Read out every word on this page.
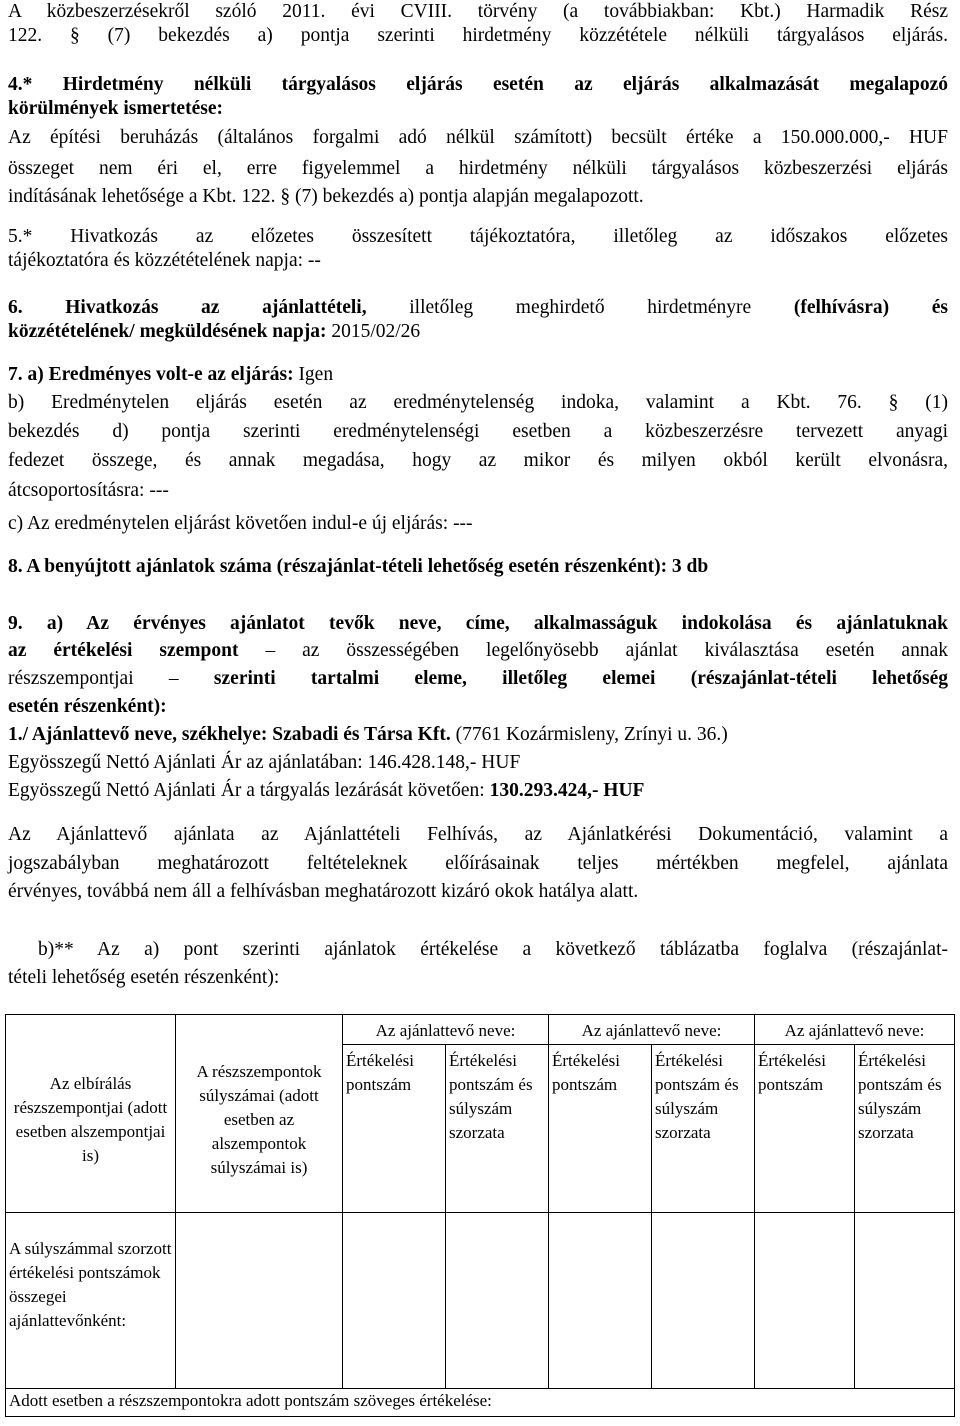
A közbeszerzésekről szóló 2011. évi CVIII. törvény (a továbbiakban: Kbt.) Harmadik Rész

122. § (7) bekezdés a) pontja szerinti hirdetmény közzététele nélküli tárgyalásos eljárás.

4.* Hirdetmény nélküli tárgyalásos eljárás esetén az eljárás alkalmazását megalapozó

körülmények ismertetése:

Az építési beruházás (általános forgalmi adó nélkül számított) becsült értéke a 150.000.000,- HUF

összeget nem éri el, erre figyelemmel a hirdetmény nélküli tárgyalásos közbeszerzési eljárás

indításának lehetősége a Kbt. 122. § (7) bekezdés a) pontja alapján megalapozott.

5.* Hivatkozás az előzetes összesített tájékoztatóra, illetőleg az időszakos előzetes

tájékoztatóra és közzétételének napja: --

6. Hivatkozás az ajánlattételi, illetőleg meghirdető hirdetményre (felhívásra) és

közzétételének/ megküldésének napja: 2015/02/26

7. a) Eredményes volt-e az eljárás: Igen

b) Eredménytelen eljárás esetén az eredménytelenség indoka, valamint a Kbt. 76. § (1)

bekezdés d) pontja szerinti eredménytelenségi esetben a közbeszerzésre tervezett anyagi

fedezet összege, és annak megadása, hogy az mikor és milyen okból került elvonásra,

átcsoportosításra: ---

c) Az eredménytelen eljárást követően indul-e új eljárás: ---

8. A benyújtott ajánlatok száma (részajánlat-tételi lehetőség esetén részenként): 3 db

9. a) Az érvényes ajánlatot tevők neve, címe, alkalmasságuk indokolása és ajánlatuknak

az értékelési szempont – az összességében legelőnyösebb ajánlat kiválasztása esetén annak

részszempontjai – szerinti tartalmi eleme, illetőleg elemei (részajánlat-tételi lehetőség

esetén részenként):

1./ Ajánlattevő neve, székhelye: Szabadi és Társa Kft. (7761 Kozármisleny, Zrínyi u. 36.)

Egyösszegű Nettó Ajánlati Ár az ajánlatában: 146.428.148,- HUF

Egyösszegű Nettó Ajánlati Ár a tárgyalás lezárását követően: 130.293.424,- HUF

Az Ajánlattevő ajánlata az Ajánlattételi Felhívás, az Ajánlatkérési Dokumentáció, valamint a

jogszabályban meghatározott feltételeknek előírásainak teljes mértékben megfelel, ajánlata

érvényes, továbbá nem áll a felhívásban meghatározott kizáró okok hatálya alatt.

b)** Az a) pont szerinti ajánlatok értékelése a következő táblázatba foglalva (részajánlat-

tételi lehetőség esetén részenként):

Az elbírálás részszempontjai (adott esetben alszempontjai is)	A részszempontok súlyszámai (adott esetben az alszempontok súlyszámai is)	Az ajánlattevő neve:		Az ajánlattevő neve:		Az ajánlattevő neve:	
		Értékelési pontszám	Értékelési pontszám és súlyszám szorzata	Értékelési pontszám	Értékelési pontszám és súlyszám szorzata	Értékelési pontszám	Értékelési pontszám és súlyszám szorzata
A súlyszámmal szorzott értékelési pontszámok összegei ajánlattevőnként:							
Adott esetben a részszempontokra adott pontszám szöveges értékelése:							
